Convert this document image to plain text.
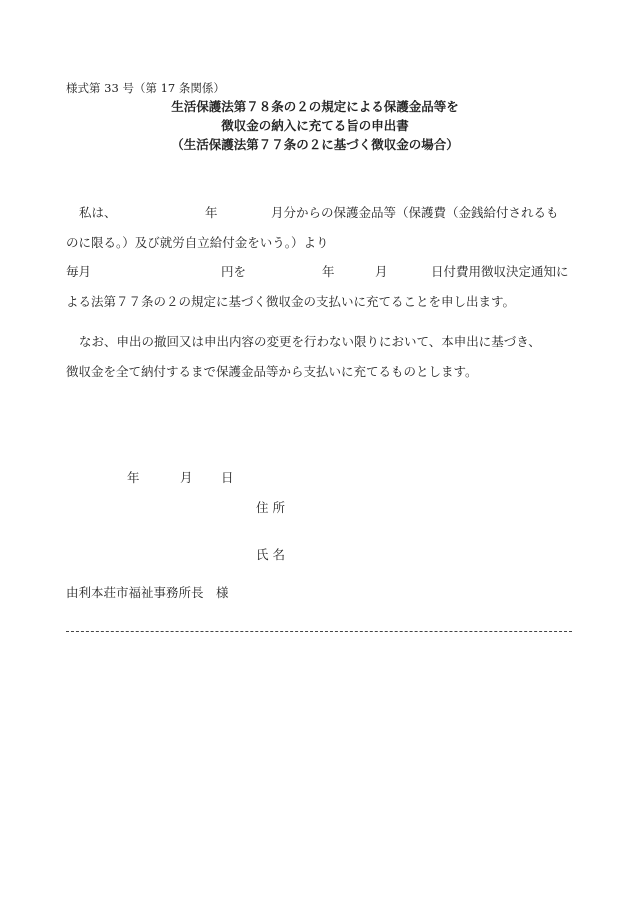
様式第 33 号（第 17 条関係）
生活保護法第７８条の２の規定による保護金品等を
徴収金の納入に充てる旨の申出書
（生活保護法第７７条の２に基づく徴収金の場合）
私は、	年	月分からの保護金品等（保護費（金銭給付されるも
のに限る。）及び就労自立給付金をいう。）より
毎月	円を	年	月	日付費用徴収決定通知に
よる法第７７条の２の規定に基づく徴収金の支払いに充てることを申し出ます。
なお、申出の撤回又は申出内容の変更を行わない限りにおいて、本申出に基づき、
徴収金を全て納付するまで保護金品等から支払いに充てるものとします。
年	月 日
住 所
氏 名
由利本荘市福祉事務所長　様
